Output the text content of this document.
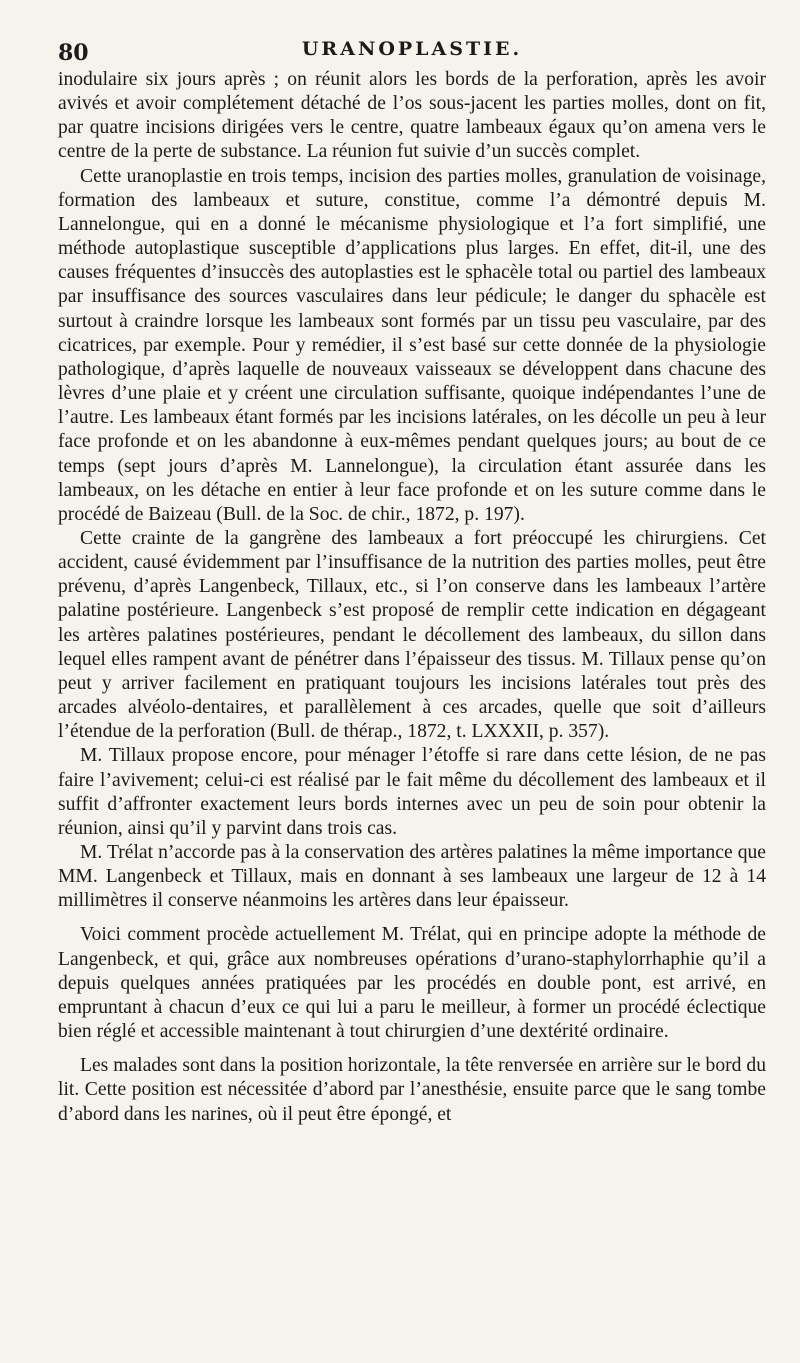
80	URANOPLASTIE.

inodulaire six jours après ; on réunit alors les bords de la perforation, après les avoir avivés et avoir complétement détaché de l’os sous-jacent les parties molles, dont on fit, par quatre incisions dirigées vers le centre, quatre lambeaux égaux qu’on amena vers le centre de la perte de substance. La réunion fut suivie d’un succès complet.

Cette uranoplastie en trois temps, incision des parties molles, granulation de voisinage, formation des lambeaux et suture, constitue, comme l’a démontré depuis M. Lannelongue, qui en a donné le mécanisme physiologique et l’a fort simplifié, une méthode autoplastique susceptible d’applications plus larges. En effet, dit-il, une des causes fréquentes d’insuccès des autoplasties est le sphacèle total ou partiel des lambeaux par insuffisance des sources vasculaires dans leur pédicule; le danger du sphacèle est surtout à craindre lorsque les lambeaux sont formés par un tissu peu vasculaire, par des cicatrices, par exemple. Pour y remédier, il s’est basé sur cette donnée de la physiologie pathologique, d’après laquelle de nouveaux vaisseaux se développent dans chacune des lèvres d’une plaie et y créent une circulation suffisante, quoique indépendantes l’une de l’autre. Les lambeaux étant formés par les incisions latérales, on les décolle un peu à leur face profonde et on les abandonne à eux-mêmes pendant quelques jours; au bout de ce temps (sept jours d’après M. Lannelongue), la circulation étant assurée dans les lambeaux, on les détache en entier à leur face profonde et on les suture comme dans le procédé de Baizeau (Bull. de la Soc. de chir., 1872, p. 197).

Cette crainte de la gangrène des lambeaux a fort préoccupé les chirurgiens. Cet accident, causé évidemment par l’insuffisance de la nutrition des parties molles, peut être prévenu, d’après Langenbeck, Tillaux, etc., si l’on conserve dans les lambeaux l’artère palatine postérieure. Langenbeck s’est proposé de remplir cette indication en dégageant les artères palatines postérieures, pendant le décollement des lambeaux, du sillon dans lequel elles rampent avant de pénétrer dans l’épaisseur des tissus. M. Tillaux pense qu’on peut y arriver facilement en pratiquant toujours les incisions latérales tout près des arcades alvéolo-dentaires, et parallèlement à ces arcades, quelle que soit d’ailleurs l’étendue de la perforation (Bull. de thérap., 1872, t. LXXXII, p. 357).

M. Tillaux propose encore, pour ménager l’étoffe si rare dans cette lésion, de ne pas faire l’avivement; celui-ci est réalisé par le fait même du décollement des lambeaux et il suffit d’affronter exactement leurs bords internes avec un peu de soin pour obtenir la réunion, ainsi qu’il y parvint dans trois cas.

M. Trélat n’accorde pas à la conservation des artères palatines la même importance que MM. Langenbeck et Tillaux, mais en donnant à ses lambeaux une largeur de 12 à 14 millimètres il conserve néanmoins les artères dans leur épaisseur.

Voici comment procède actuellement M. Trélat, qui en principe adopte la méthode de Langenbeck, et qui, grâce aux nombreuses opérations d’urano-staphylorrhaphie qu’il a depuis quelques années pratiquées par les procédés en double pont, est arrivé, en empruntant à chacun d’eux ce qui lui a paru le meilleur, à former un procédé éclectique bien réglé et accessible maintenant à tout chirurgien d’une dextérité ordinaire.

Les malades sont dans la position horizontale, la tête renversée en arrière sur le bord du lit. Cette position est nécessitée d’abord par l’anesthésie, ensuite parce que le sang tombe d’abord dans les narines, où il peut être épongé, et
